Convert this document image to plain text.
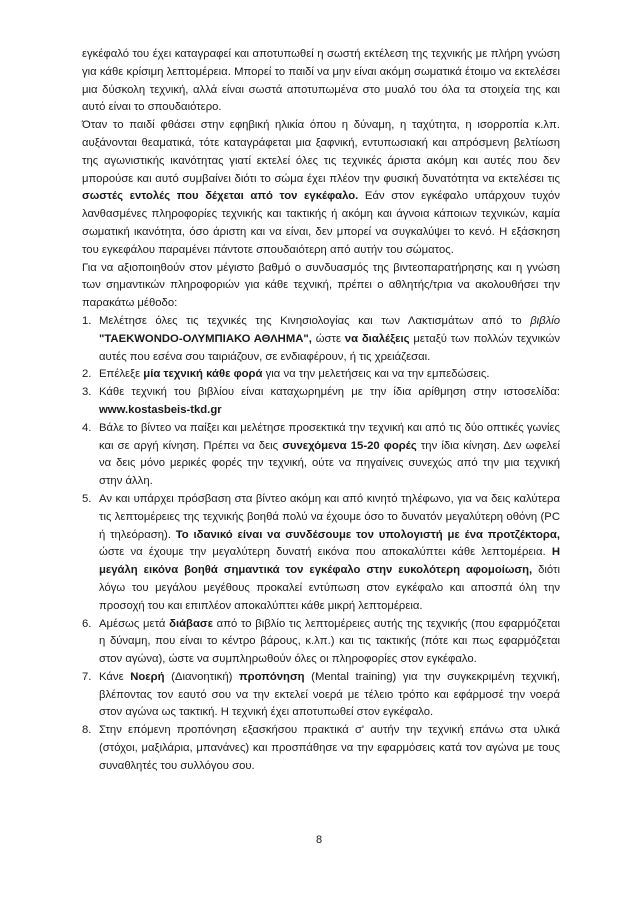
εγκέφαλό του έχει καταγραφεί και αποτυπωθεί η σωστή εκτέλεση της τεχνικής με πλήρη γνώση για κάθε κρίσιμη λεπτομέρεια. Μπορεί το παιδί να μην είναι ακόμη σωματικά έτοιμο να εκτελέσει μια δύσκολη τεχνική, αλλά είναι σωστά αποτυπωμένα στο μυαλό του όλα τα στοιχεία της και αυτό είναι το σπουδαιότερο.

Όταν το παιδί φθάσει στην εφηβική ηλικία όπου η δύναμη, η ταχύτητα, η ισορροπία κ.λπ. αυξάνονται θεαματικά, τότε καταγράφεται μια ξαφνική, εντυπωσιακή και απρόσμενη βελτίωση της αγωνιστικής ικανότητας γιατί εκτελεί όλες τις τεχνικές άριστα ακόμη και αυτές που δεν μπορούσε και αυτό συμβαίνει διότι το σώμα έχει πλέον την φυσική δυνατότητα να εκτελέσει τις σωστές εντολές που δέχεται από τον εγκέφαλο. Εάν στον εγκέφαλο υπάρχουν τυχόν λανθασμένες πληροφορίες τεχνικής και τακτικής ή ακόμη και άγνοια κάποιων τεχνικών, καμία σωματική ικανότητα, όσο άριστη και να είναι, δεν μπορεί να συγκαλύψει το κενό. Η εξάσκηση του εγκεφάλου παραμένει πάντοτε σπουδαιότερη από αυτήν του σώματος.

Για να αξιοποιηθούν στον μέγιστο βαθμό ο συνδυασμός της βιντεοπαρατήρησης και η γνώση των σημαντικών πληροφοριών για κάθε τεχνική, πρέπει ο αθλητής/τρια να ακολουθήσει την παρακάτω μέθοδο:

1. Μελέτησε όλες τις τεχνικές της Κινησιολογίας και των Λακτισμάτων από το βιβλίο "TAEKWONDO-ΟΛΥΜΠΙΑΚΟ ΑΘΛΗΜΑ", ώστε να διαλέξεις μεταξύ των πολλών τεχνικών αυτές που εσένα σου ταιριάζουν, σε ενδιαφέρουν, ή τις χρειάζεσαι.
2. Επέλεξε μία τεχνική κάθε φορά για να την μελετήσεις και να την εμπεδώσεις.
3. Κάθε τεχνική του βιβλίου είναι καταχωρημένη με την ίδια αρίθμηση στην ιστοσελίδα: www.kostasbeis-tkd.gr
4. Βάλε το βίντεο να παίξει και μελέτησε προσεκτικά την τεχνική και από τις δύο οπτικές γωνίες και σε αργή κίνηση. Πρέπει να δεις συνεχόμενα 15-20 φορές την ίδια κίνηση. Δεν ωφελεί να δεις μόνο μερικές φορές την τεχνική, ούτε να πηγαίνεις συνεχώς από την μια τεχνική στην άλλη.
5. Αν και υπάρχει πρόσβαση στα βίντεο ακόμη και από κινητό τηλέφωνο, για να δεις καλύτερα τις λεπτομέρειες της τεχνικής βοηθά πολύ να έχουμε όσο το δυνατόν μεγαλύτερη οθόνη (PC ή τηλεόραση). Το ιδανικό είναι να συνδέσουμε τον υπολογιστή με ένα προτζέκτορα, ώστε να έχουμε την μεγαλύτερη δυνατή εικόνα που αποκαλύπτει κάθε λεπτομέρεια. Η μεγάλη εικόνα βοηθά σημαντικά τον εγκέφαλο στην ευκολότερη αφομοίωση, διότι λόγω του μεγάλου μεγέθους προκαλεί εντύπωση στον εγκέφαλο και αποσπά όλη την προσοχή του και επιπλέον αποκαλύπτει κάθε μικρή λεπτομέρεια.
6. Αμέσως μετά διάβασε από το βιβλίο τις λεπτομέρειες αυτής της τεχνικής (που εφαρμόζεται η δύναμη, που είναι το κέντρο βάρους, κ.λπ.) και τις τακτικής (πότε και πως εφαρμόζεται στον αγώνα), ώστε να συμπληρωθούν όλες οι πληροφορίες στον εγκέφαλο.
7. Κάνε Νοερή (Διανοητική) προπόνηση (Mental training) για την συγκεκριμένη τεχνική, βλέποντας τον εαυτό σου να την εκτελεί νοερά με τέλειο τρόπο και εφάρμοσέ την νοερά στον αγώνα ως τακτική. Η τεχνική έχει αποτυπωθεί στον εγκέφαλο.
8. Στην επόμενη προπόνηση εξασκήσου πρακτικά σ' αυτήν την τεχνική επάνω στα υλικά (στόχοι, μαξιλάρια, μπανάνες) και προσπάθησε να την εφαρμόσεις κατά τον αγώνα με τους συναθλητές του συλλόγου σου.
8
